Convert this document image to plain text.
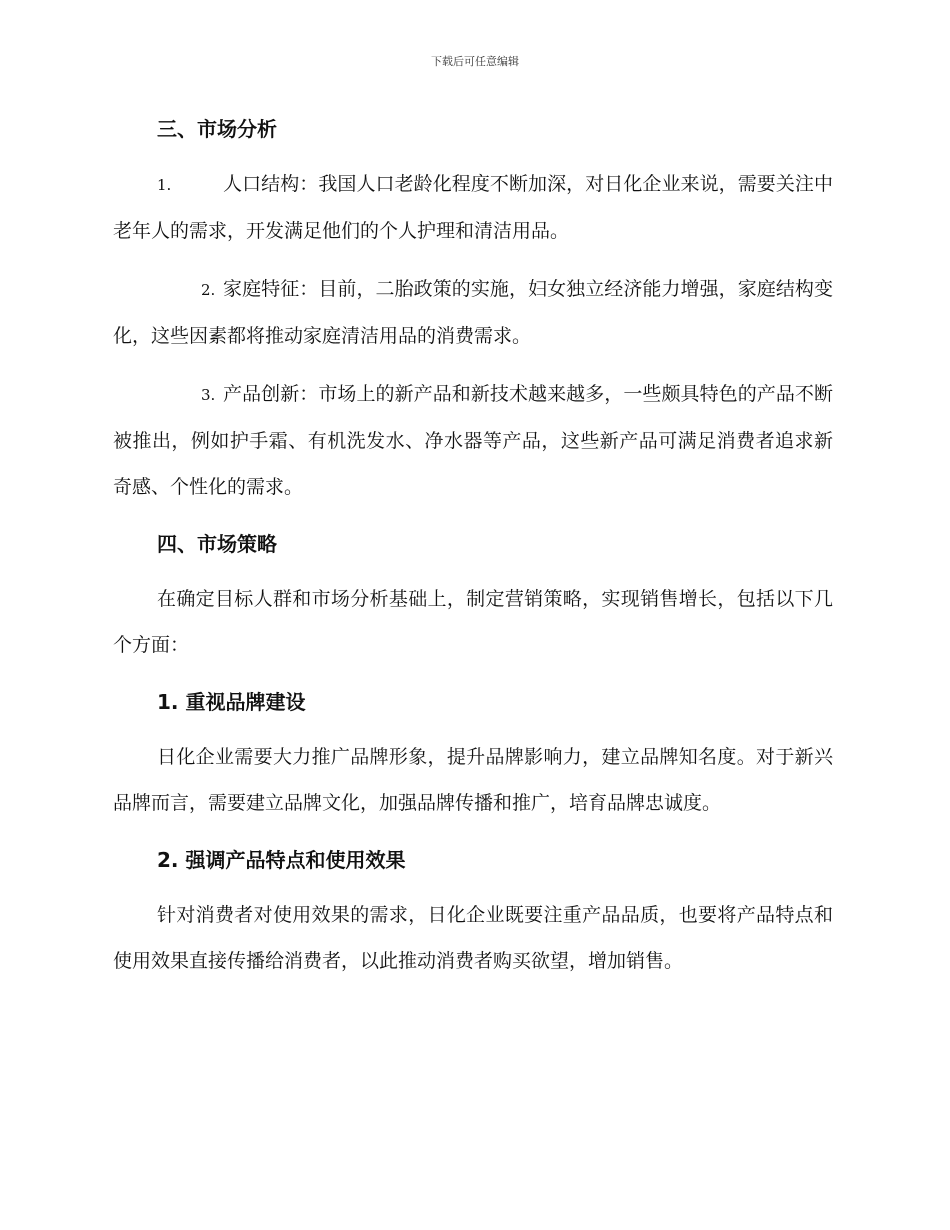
下载后可任意编辑
三、市场分析
1.	人口结构：我国人口老龄化程度不断加深，对日化企业来说，需要关注中老年人的需求，开发满足他们的个人护理和清洁用品。
2. 家庭特征：目前，二胎政策的实施，妇女独立经济能力增强，家庭结构变化，这些因素都将推动家庭清洁用品的消费需求。
3. 产品创新：市场上的新产品和新技术越来越多，一些颇具特色的产品不断被推出，例如护手霜、有机洗发水、净水器等产品，这些新产品可满足消费者追求新奇感、个性化的需求。
四、市场策略

在确定目标人群和市场分析基础上，制定营销策略，实现销售增长，包括以下几个方面：

1. 重视品牌建设

日化企业需要大力推广品牌形象，提升品牌影响力，建立品牌知名度。对于新兴品牌而言，需要建立品牌文化，加强品牌传播和推广，培育品牌忠诚度。

2. 强调产品特点和使用效果

针对消费者对使用效果的需求，日化企业既要注重产品品质，也要将产品特点和使用效果直接传播给消费者，以此推动消费者购买欲望，增加销售。
